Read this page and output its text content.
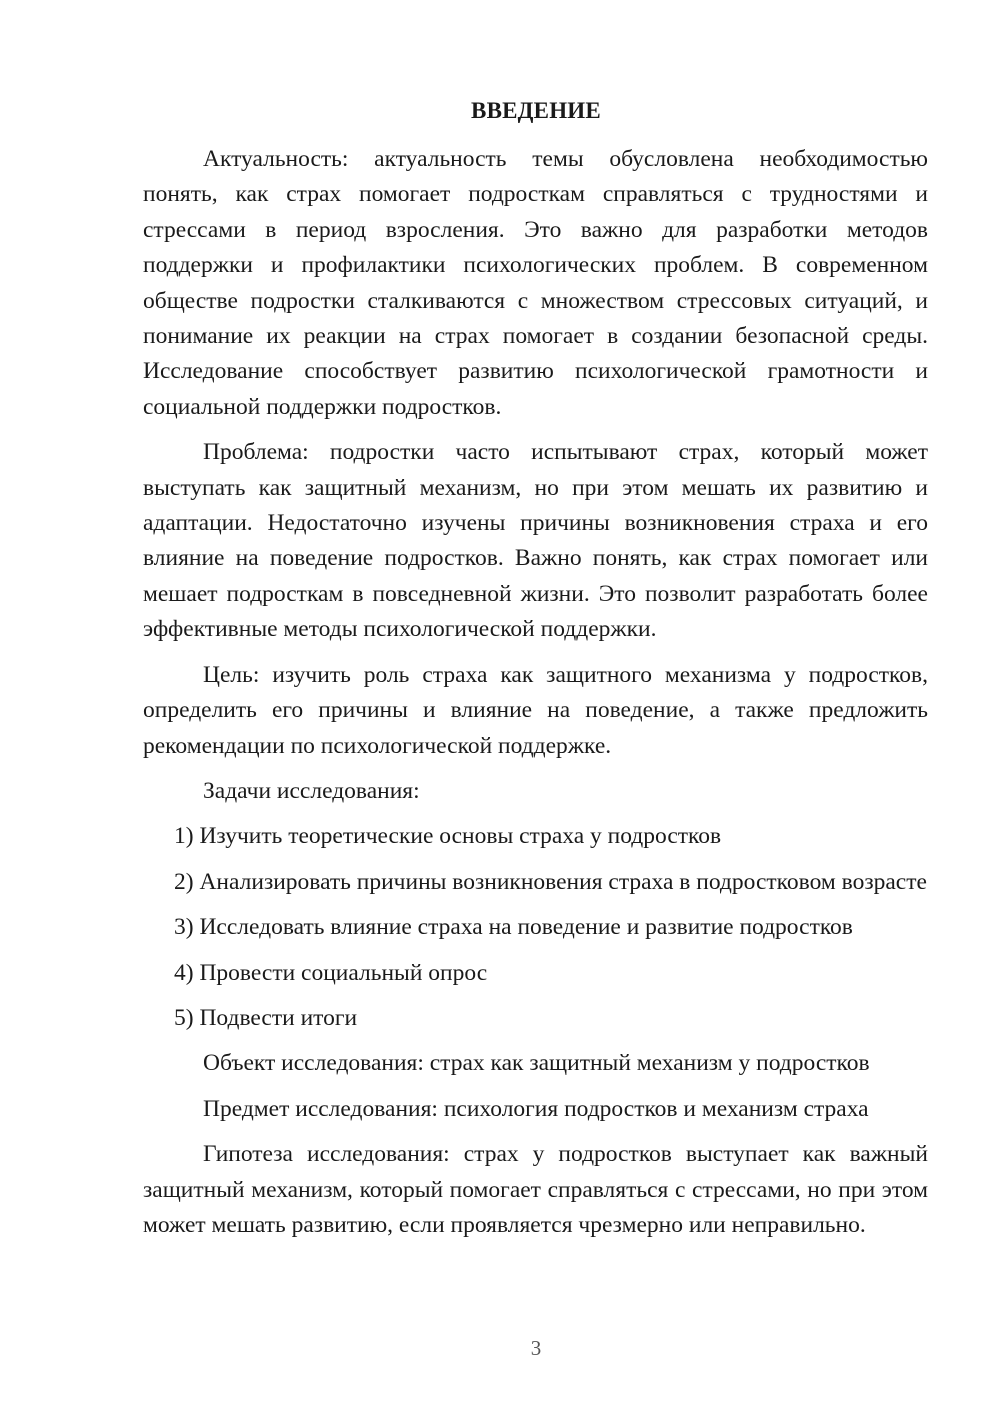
ВВЕДЕНИЕ

Актуальность: актуальность темы обусловлена необходимостью понять, как страх помогает подросткам справляться с трудностями и стрессами в период взросления. Это важно для разработки методов поддержки и профилактики психологических проблем. В современном обществе подростки сталкиваются с множеством стрессовых ситуаций, и понимание их реакции на страх помогает в создании безопасной среды. Исследование способствует развитию психологической грамотности и социальной поддержки подростков.

Проблема: подростки часто испытывают страх, который может выступать как защитный механизм, но при этом мешать их развитию и адаптации. Недостаточно изучены причины возникновения страха и его влияние на поведение подростков. Важно понять, как страх помогает или мешает подросткам в повседневной жизни. Это позволит разработать более эффективные методы психологической поддержки.

Цель: изучить роль страха как защитного механизма у подростков, определить его причины и влияние на поведение, а также предложить рекомендации по психологической поддержке.

Задачи исследования:

1) Изучить теоретические основы страха у подростков

2) Анализировать причины возникновения страха в подростковом возрасте

3) Исследовать влияние страха на поведение и развитие подростков

4) Провести социальный опрос

5) Подвести итоги

Объект исследования: страх как защитный механизм у подростков

Предмет исследования: психология подростков и механизм страха

Гипотеза исследования: страх у подростков выступает как важный защитный механизм, который помогает справляться с стрессами, но при этом может мешать развитию, если проявляется чрезмерно или неправильно.

3
